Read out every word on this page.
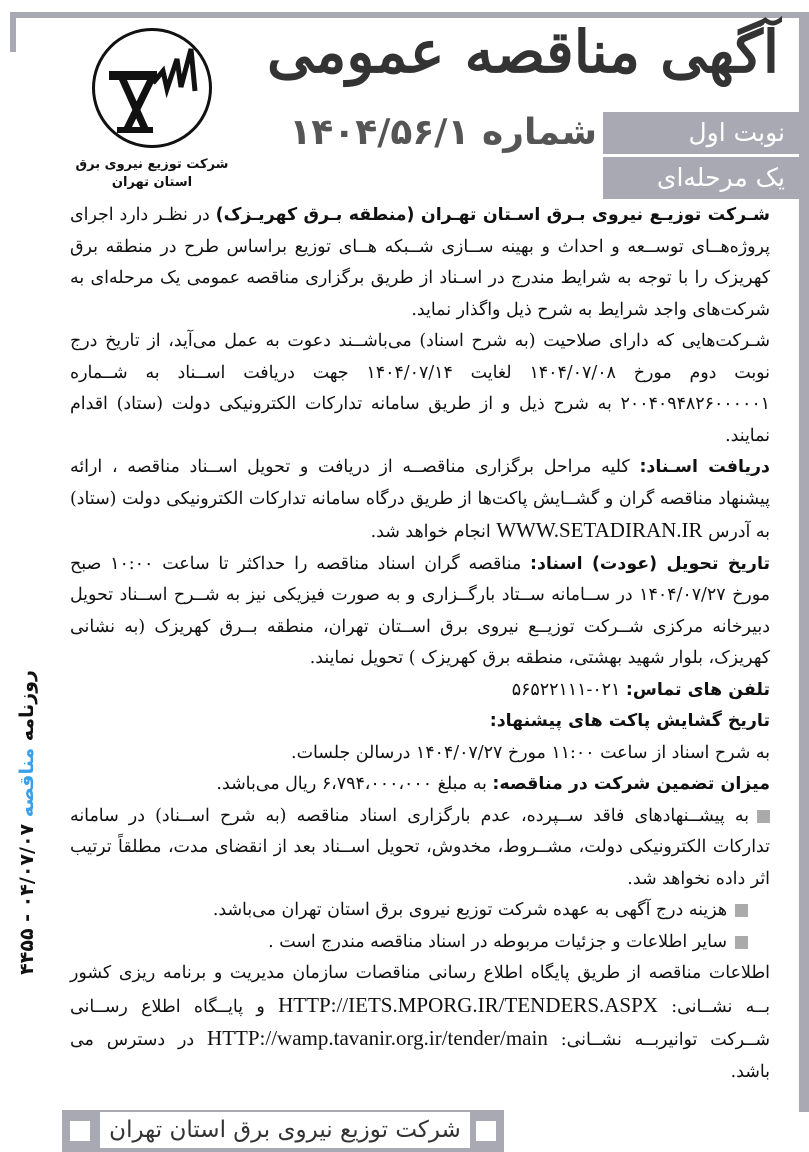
شرکت توزیع نیروی برق
استان تهران
آگهی مناقصه عمومی
نوبت اول
یک مرحله‌ای
شماره ۱۴۰۴/۵۶/۱

شـرکت توزیـع نیروی بـرق اسـتان تهـران (منطقه بـرق کهریـزک) در نظـر دارد اجرای پروژه‌هــای توســعه و احداث و بهینه ســازی شــبکه هــای توزیع براساس طرح در منطقه برق کهریزک را با توجه به شرایط مندرج در اسـناد از طریق برگزاری مناقصه عمومی یک مرحله‌ای به شرکت‌های واجد شرایط به شرح ذیل واگذار نماید.

شـرکت‌هایی که دارای صلاحیت (به شرح اسناد) می‌باشــند دعوت به عمل می‌آید، از تاریخ درج نوبت دوم مورخ ۱۴۰۴/۰۷/۰۸ لغایت ۱۴۰۴/۰۷/۱۴ جهت دریافت اســناد به شــماره ۲۰۰۴۰۹۴۸۲۶۰۰۰۰۰۱ به شرح ذیل و از طریق سامانه تدارکات الکترونیکی دولت (ستاد) اقدام نمایند.

دریافت اسـناد: کلیه مراحل برگزاری مناقصــه از دریافت و تحویل اســناد مناقصه ، ارائه پیشنهاد مناقصه گران و گشــایش پاکت‌ها از طریق درگاه سامانه تدارکات الکترونیکی دولت (ستاد) به آدرس WWW.SETADIRAN.IR انجام خواهد شد.

تاریخ تحویل (عودت) اسناد: مناقصه گران اسناد مناقصه را حداکثر تا ساعت ۱۰:۰۰ صبح مورخ ۱۴۰۴/۰۷/۲۷ در ســامانه ســتاد بارگــزاری و به صورت فیزیکی نیز به شــرح اســناد تحویل دبیرخانه مرکزی شــرکت توزیــع نیروی برق اســتان تهران، منطقه بــرق کهریزک (به نشانی کهریزک، بلوار شهید بهشتی، منطقه برق کهریزک ) تحویل نمایند.

تلفن های تماس: ۰۲۱-۵۶۵۲۲۱۱۱

تاریخ گشایش پاکت های پیشنهاد:

به شرح اسناد از ساعت ۱۱:۰۰ مورخ ۱۴۰۴/۰۷/۲۷ درسالن جلسات.

میزان تضمین شرکت در مناقصه: به مبلغ ۶،۷۹۴،۰۰۰،۰۰۰ ریال می‌باشد.

به پیشــنهادهای فاقد ســپرده، عدم بارگزاری اسناد مناقصه (به شرح اســناد) در سامانه تدارکات الکترونیکی دولت، مشــروط، مخدوش، تحویل اســناد بعد از انقضای مدت، مطلقاً ترتیب اثر داده نخواهد شد.

هزینه درج آگهی به عهده شرکت توزیع نیروی برق استان تهران می‌باشد.

سایر اطلاعات و جزئیات مربوطه در اسناد مناقصه مندرج است .

اطلاعات مناقصه از طریق پایگاه اطلاع رسانی مناقصات سازمان مدیریت و برنامه ریزی کشور بــه نشــانی: HTTP://IETS.MPORG.IR/TENDERS.ASPX و پایــگاه اطلاع رســانی شــرکت توانیربــه نشــانی: HTTP://wamp.tavanir.org.ir/tender/main در دسترس می باشد.

روزنامه مناقصه‌ ۰۴/۰۷/۰۷ - ۴۴۵۵
شرکت توزیع نیروی برق استان تهران
